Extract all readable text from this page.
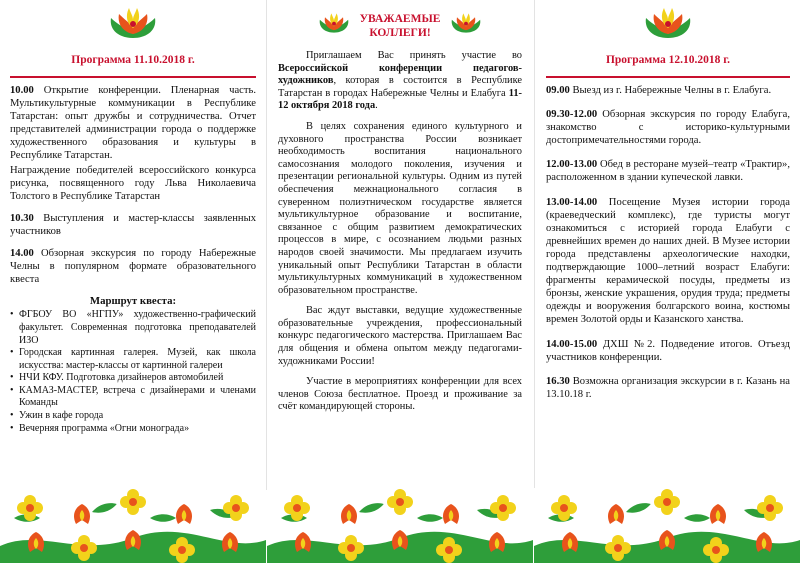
Программа 11.10.2018 г.
10.00 Открытие конференции. Пленарная часть. Мультикультурные коммуникации в Республике Татарстан: опыт дружбы и сотрудничества. Отчет представителей администрации города о поддержке художественного образования и культуры в Республике Татарстан.
Награждение победителей всероссийского конкурса рисунка, посвященного году Льва Николаевича Толстого в Республике Татарстан
10.30 Выступления и мастер-классы заявленных участников
14.00 Обзорная экскурсия по городу Набережные Челны в популярном формате образовательного квеста
Маршрут квеста:
• ФГБОУ ВО «НГПУ» художественно-графический факультет. Современная подготовка преподавателей ИЗО
• Городская картинная галерея. Музей, как школа искусства: мастер-классы от картинной галереи
• НЧИ КФУ. Подготовка дизайнеров автомобилей
• КАМАЗ-МАСТЕР, встреча с дизайнерами и членами Команды
• Ужин в кафе города
• Вечерняя программа «Огни монограда»

УВАЖАЕМЫЕ
КОЛЛЕГИ!

Приглашаем Вас принять участие во Всероссийской конференции педагогов-художников, которая в состоится в Республике Татарстан в городах Набережные Челны и Елабуга 11-12 октября 2018 года.
В целях сохранения единого культурного и духовного пространства России возникает необходимость воспитания национального самосознания молодого поколения, изучения и презентации региональной культуры. Одним из путей обеспечения межнационального согласия в суверенном полиэтническом государстве является мультикультурное образование и воспитание, связанное с общим развитием демократических процессов в мире, с осознанием людьми разных народов своей значимости. Мы предлагаем изучить уникальный опыт Республики Татарстан в области мультикультурных коммуникаций в художественном образовательном пространстве.
Вас ждут выставки, ведущие художественные образовательные учреждения, профессиональный конкурс педагогического мастерства. Приглашаем Вас для общения и обмена опытом между педагогами-художниками России!
Участие в мероприятиях конференции для всех членов Союза бесплатное. Проезд и проживание за счёт командирующей стороны.
Программа 12.10.2018 г.
09.00 Выезд из г. Набережные Челны в г. Елабуга.
09.30-12.00 Обзорная экскурсия по городу Елабуга, знакомство с историко-культурными достопримечательностями города.
12.00-13.00 Обед в ресторане музей–театр «Трактир», расположенном в здании купеческой лавки.
13.00-14.00 Посещение Музея истории города (краеведческий комплекс), где туристы могут ознакомиться с историей города Елабуги с древнейших времен до наших дней. В Музее истории города представлены археологические находки, подтверждающие 1000–летний возраст Елабуги: фрагменты керамической посуды, предметы из бронзы, женские украшения, орудия труда; предметы одежды и вооружения болгарского воина, костюмы времен Золотой орды и Казанского ханства.
14.00-15.00 ДХШ №2. Подведение итогов. Отъезд участников конференции.
16.30 Возможна организация экскурсии в г. Казань на 13.10.18 г.
